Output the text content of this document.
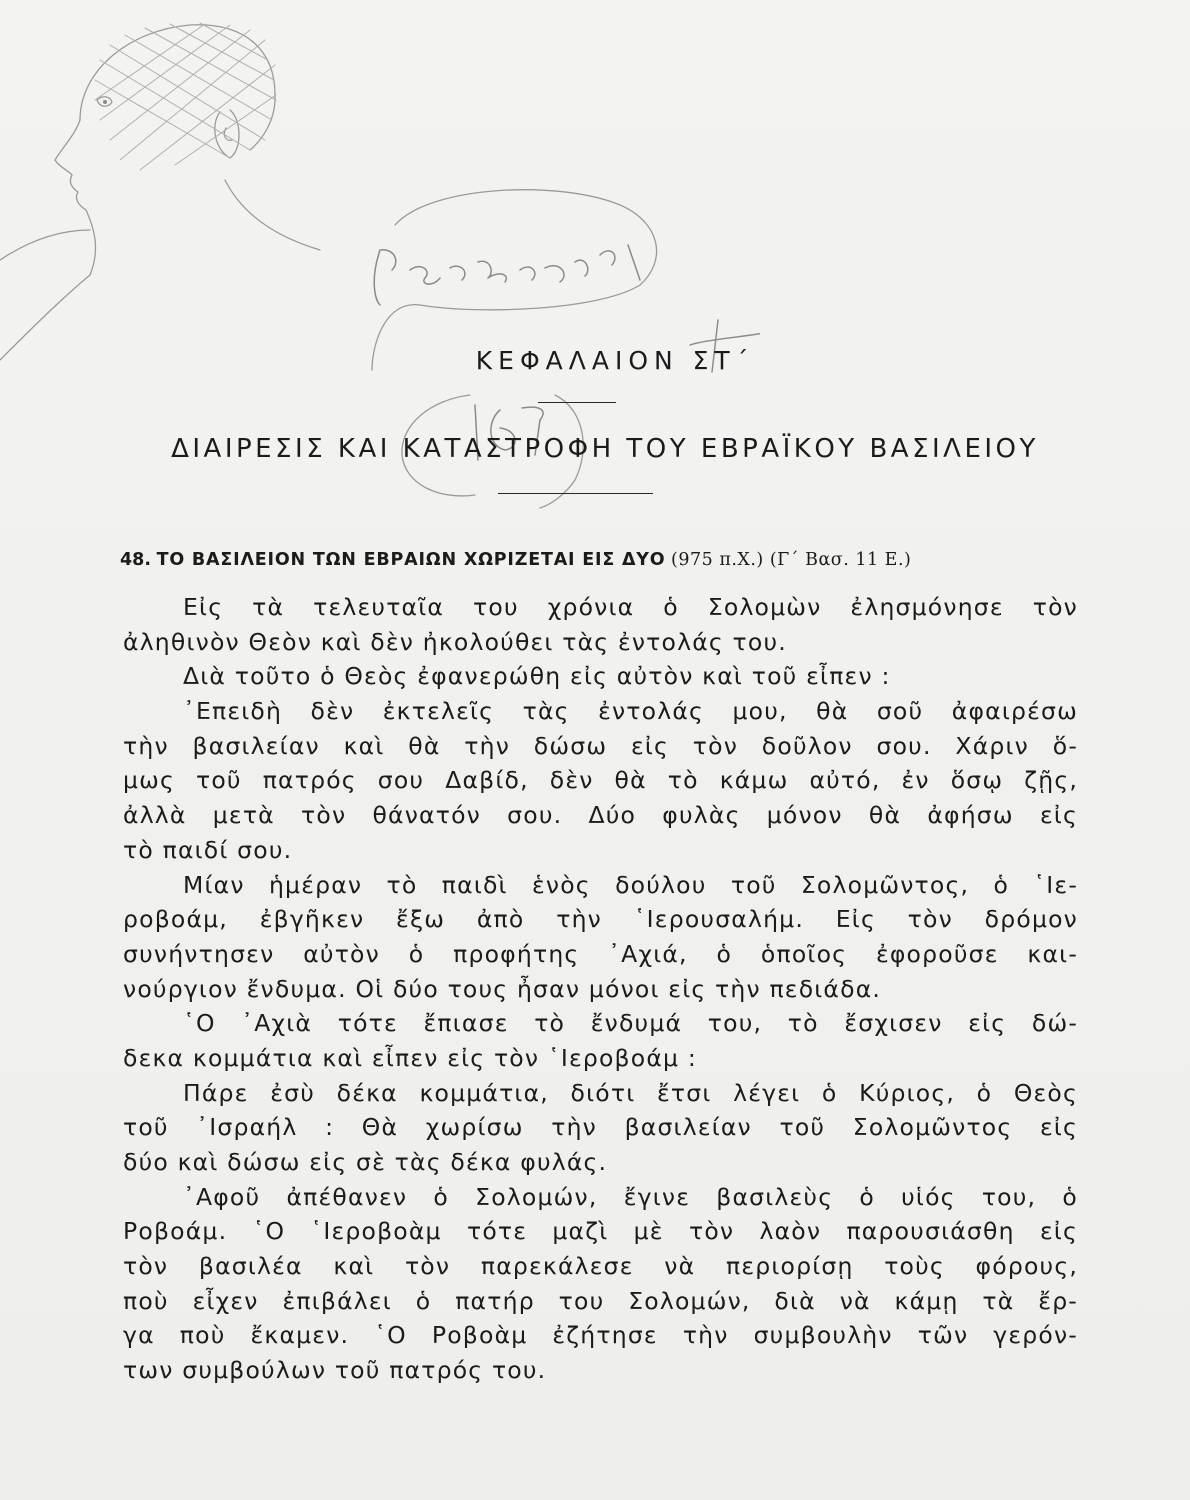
ΚΕΦΑΛΑΙΟΝ ΣΤ΄
ΔΙΑΙΡΕΣΙΣ ΚΑΙ ΚΑΤΑΣΤΡΟΦΗ ΤΟΥ ΕΒΡΑΪΚΟΥ ΒΑΣΙΛΕΙΟΥ
48. ΤΟ ΒΑΣΙΛΕΙΟΝ ΤΩΝ ΕΒΡΑΙΩΝ ΧΩΡΙΖΕΤΑΙ ΕΙΣ ΔΥΟ (975 π.Χ.) (Γ΄ Βασ. 11 Ε.)
Εἰς τὰ τελευταῖα του χρόνια ὁ Σολομὼν ἐλησμόνησε τὸν
ἀληθινὸν Θεὸν καὶ δὲν ἠκολούθει τὰς ἐντολάς του.
Διὰ τοῦτο ὁ Θεὸς ἐφανερώθη εἰς αὐτὸν καὶ τοῦ εἶπεν :
᾿Επειδὴ δὲν ἐκτελεῖς τὰς ἐντολάς μου, θὰ σοῦ ἀφαιρέσω
τὴν βασιλείαν καὶ θὰ τὴν δώσω εἰς τὸν δοῦλον σου. Χάριν ὅ-
μως τοῦ πατρός σου Δαβίδ, δὲν θὰ τὸ κάμω αὐτό, ἐν ὅσῳ ζῇς,
ἀλλὰ μετὰ τὸν θάνατόν σου. Δύο φυλὰς μόνον θὰ ἀφήσω εἰς
τὸ παιδί σου.
Μίαν ἡμέραν τὸ παιδὶ ἑνὸς δούλου τοῦ Σολομῶντος, ὁ ῾Ιε-
ροβοάμ, ἐβγῆκεν ἔξω ἀπὸ τὴν ῾Ιερουσαλήμ. Εἰς τὸν δρόμον
συνήντησεν αὐτὸν ὁ προφήτης ᾿Αχιά, ὁ ὁποῖος ἐφοροῦσε και-
νούργιον ἔνδυμα. Οἱ δύο τους ἦσαν μόνοι εἰς τὴν πεδιάδα.
῾Ο ᾿Αχιὰ τότε ἔπιασε τὸ ἔνδυμά του, τὸ ἔσχισεν εἰς δώ-
δεκα κομμάτια καὶ εἶπεν εἰς τὸν ῾Ιεροβοάμ :
Πάρε ἐσὺ δέκα κομμάτια, διότι ἔτσι λέγει ὁ Κύριος, ὁ Θεὸς
τοῦ ᾿Ισραήλ : Θὰ χωρίσω τὴν βασιλείαν τοῦ Σολομῶντος εἰς
δύο καὶ δώσω εἰς σὲ τὰς δέκα φυλάς.
᾿Αφοῦ ἀπέθανεν ὁ Σολομών, ἔγινε βασιλεὺς ὁ υἱός του, ὁ
Ροβοάμ. ῾Ο ῾Ιεροβοὰμ τότε μαζὶ μὲ τὸν λαὸν παρουσιάσθη εἰς
τὸν βασιλέα καὶ τὸν παρεκάλεσε νὰ περιορίσῃ τοὺς φόρους,
ποὺ εἶχεν ἐπιβάλει ὁ πατήρ του Σολομών, διὰ νὰ κάμῃ τὰ ἔρ-
γα ποὺ ἔκαμεν. ῾Ο Ροβοὰμ ἐζήτησε τὴν συμβουλὴν τῶν γερόν-
των συμβούλων τοῦ πατρός του.
